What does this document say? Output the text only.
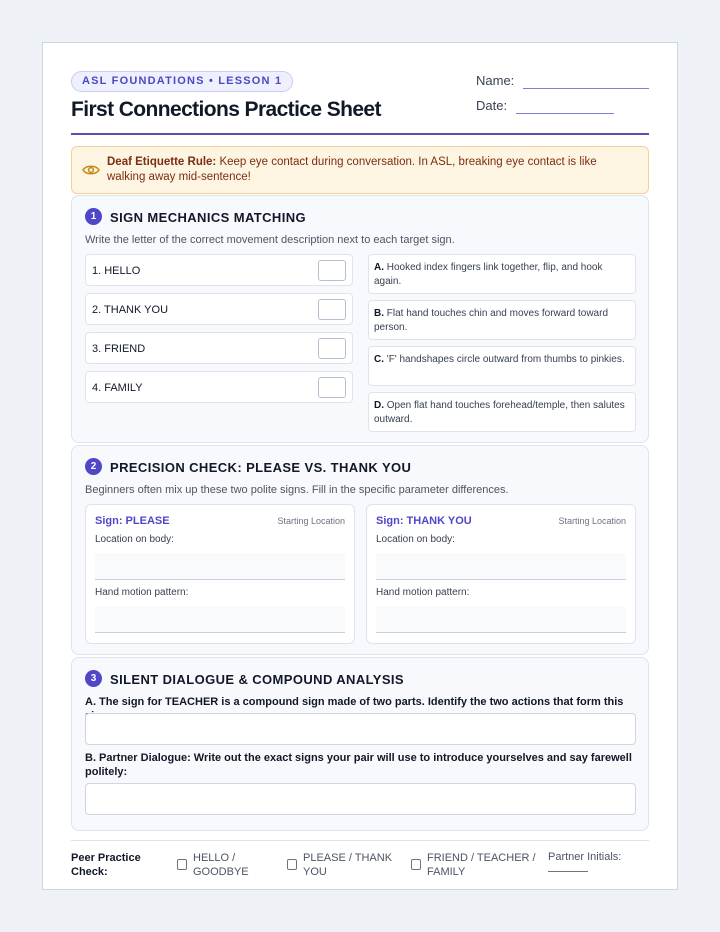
ASL FOUNDATIONS • LESSON 1
First Connections Practice Sheet
Name:
Date:
Deaf Etiquette Rule: Keep eye contact during conversation. In ASL, breaking eye contact is like walking away mid-sentence!
1	SIGN MECHANICS MATCHING
Write the letter of the correct movement description next to each target sign.
1. HELLO
2. THANK YOU
3. FRIEND
4. FAMILY
A. Hooked index fingers link together, flip, and hook again.
B. Flat hand touches chin and moves forward toward person.
C. 'F' handshapes circle outward from thumbs to pinkies.
D. Open flat hand touches forehead/temple, then salutes outward.
2	PRECISION CHECK: PLEASE VS. THANK YOU
Beginners often mix up these two polite signs. Fill in the specific parameter differences.
Sign: PLEASE	Starting Location
Location on body:
Hand motion pattern:
Sign: THANK YOU	Starting Location
Location on body:
Hand motion pattern:
3	SILENT DIALOGUE & COMPOUND ANALYSIS
A. The sign for TEACHER is a compound sign made of two parts. Identify the two actions that form this
B. Partner Dialogue: Write out the exact signs your pair will use to introduce yourselves and say farewell politely:
Peer Practice Check:
HELLO / GOODBYE
PLEASE / THANK YOU
FRIEND / TEACHER / FAMILY
Partner Initials:
